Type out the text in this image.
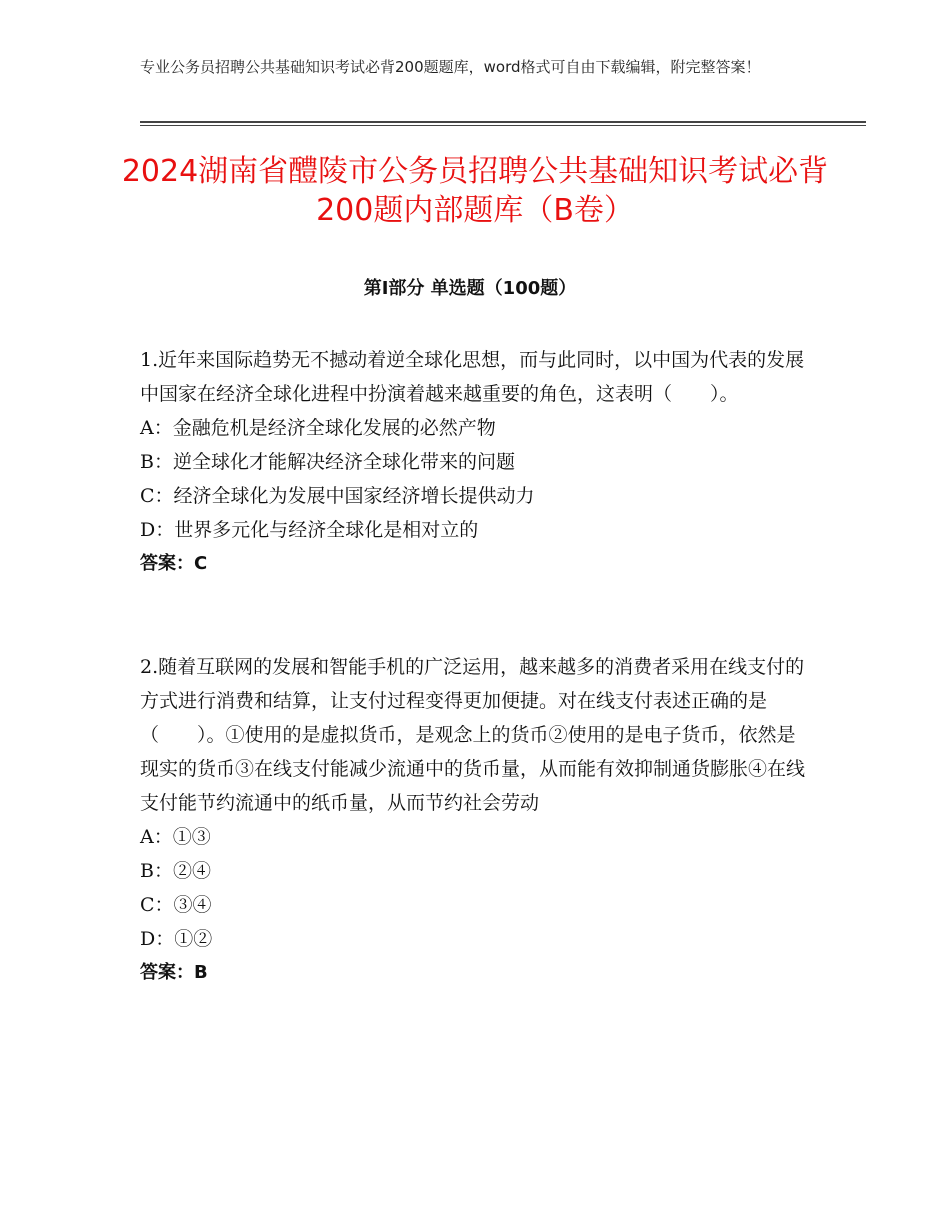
专业公务员招聘公共基础知识考试必背200题题库，word格式可自由下载编辑，附完整答案！
2024湖南省醴陵市公务员招聘公共基础知识考试必背200题内部题库（B卷）
第I部分 单选题（100题）

1.近年来国际趋势无不撼动着逆全球化思想，而与此同时，以中国为代表的发展中国家在经济全球化进程中扮演着越来越重要的角色，这表明（　　）。

A：金融危机是经济全球化发展的必然产物

B：逆全球化才能解决经济全球化带来的问题

C：经济全球化为发展中国家经济增长提供动力

D：世界多元化与经济全球化是相对立的

答案：C

2.随着互联网的发展和智能手机的广泛运用，越来越多的消费者采用在线支付的方式进行消费和结算，让支付过程变得更加便捷。对在线支付表述正确的是（　　）。①使用的是虚拟货币，是观念上的货币②使用的是电子货币，依然是现实的货币③在线支付能减少流通中的货币量，从而能有效抑制通货膨胀④在线支付能节约流通中的纸币量，从而节约社会劳动

A：①③

B：②④

C：③④

D：①②

答案：B
